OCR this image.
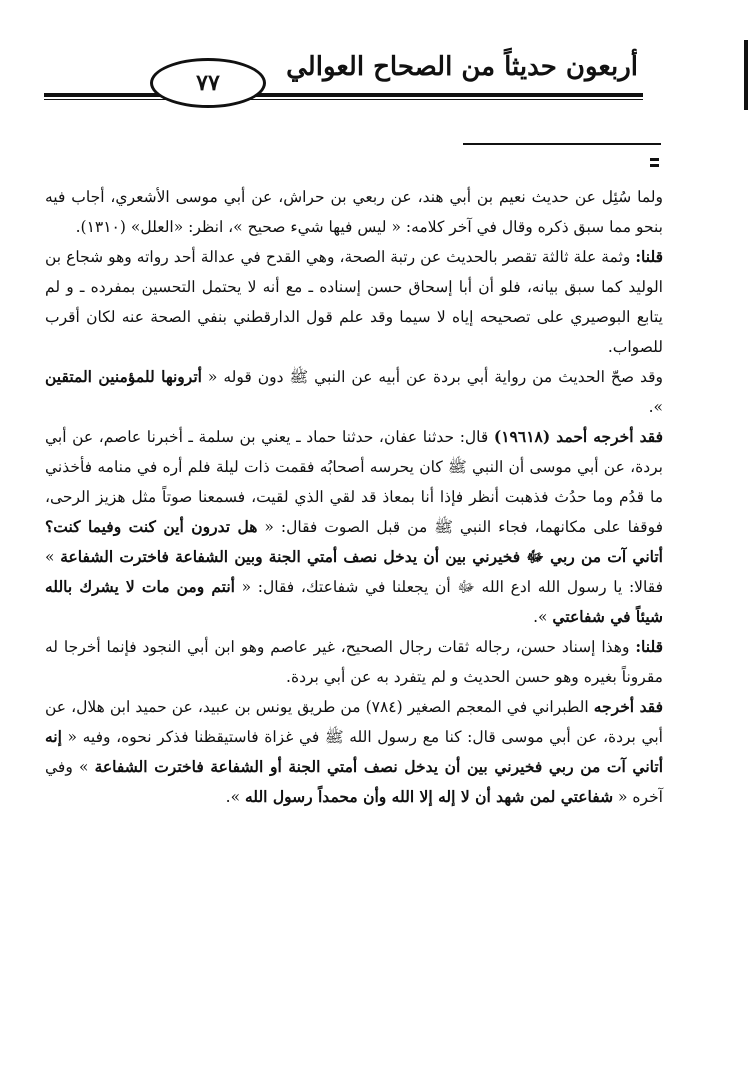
أربعون حديثاً من الصحاح العوالي
٧٧

ولما سُئِل عن حديث نعيم بن أبي هند، عن ربعي بن حراش، عن أبي موسى الأشعري، أجاب فيه بنحو مما سبق ذكره وقال في آخر كلامه: « ليس فيها شيء صحيح »، انظر: «العلل» (١٣١٠).

قلنا: وثمة علة ثالثة تقصر بالحديث عن رتبة الصحة، وهي القدح في عدالة أحد رواته وهو شجاع بن الوليد كما سبق بيانه، فلو أن أبا إسحاق حسن إسناده ـ مع أنه لا يحتمل التحسين بمفرده ـ و لم يتابع البوصيري على تصحيحه إياه لا سيما وقد علم قول الدارقطني بنفي الصحة عنه لكان أقرب للصواب.

وقد صحّ الحديث من رواية أبي بردة عن أبيه عن النبي ﷺ دون قوله « أترونها للمؤمنين المتقين ».

فقد أخرجه أحمد (١٩٦١٨) قال: حدثنا عفان، حدثنا حماد ـ يعني بن سلمة ـ أخبرنا عاصم، عن أبي بردة، عن أبي موسى أن النبي ﷺ كان يحرسه أصحابُه فقمت ذات ليلة فلم أره في منامه فأخذني ما قدُم وما حدُث فذهبت أنظر فإذا أنا بمعاذ قد لقي الذي لقيت، فسمعنا صوتاً مثل هزيز الرحى، فوقفا على مكانهما، فجاء النبي ﷺ من قبل الصوت فقال: « هل تدرون أين كنت وفيما كنت؟ أتاني آت من ربي ﷻ فخيرني بين أن يدخل نصف أمتي الجنة وبين الشفاعة فاخترت الشفاعة » فقالا: يا رسول الله ادع الله ﷻ أن يجعلنا في شفاعتك، فقال: « أنتم ومن مات لا يشرك بالله شيئاً في شفاعتي ».

قلنا: وهذا إسناد حسن، رجاله ثقات رجال الصحيح، غير عاصم وهو ابن أبي النجود فإنما أخرجا له مقروناً بغيره وهو حسن الحديث و لم يتفرد به عن أبي بردة.

فقد أخرجه الطبراني في المعجم الصغير (٧٨٤) من طريق يونس بن عبيد، عن حميد ابن هلال، عن أبي بردة، عن أبي موسى قال: كنا مع رسول الله ﷺ في غزاة فاستيقظنا فذكر نحوه، وفيه « إنه أتاني آت من ربي فخيرني بين أن يدخل نصف أمتي الجنة أو الشفاعة فاخترت الشفاعة » وفي آخره « شفاعتي لمن شهد أن لا إله إلا الله وأن محمداً رسول الله ».
